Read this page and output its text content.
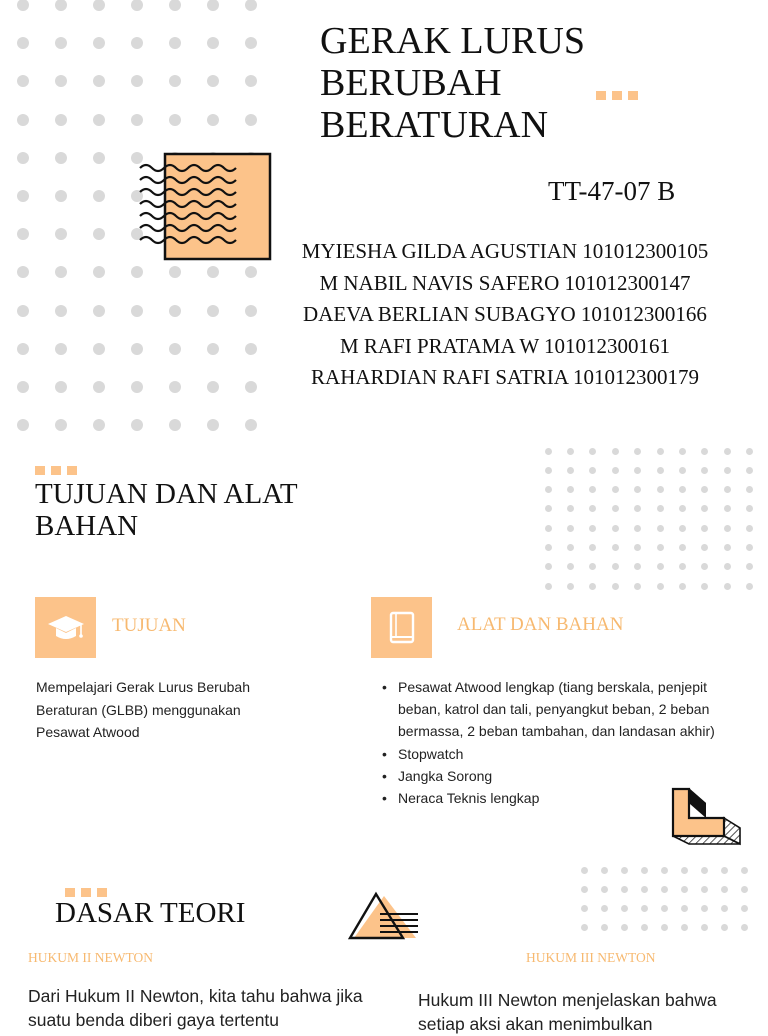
GERAK LURUS
BERUBAH
BERATURAN
TT-47-07 B
MYIESHA GILDA AGUSTIAN 101012300105
M NABIL NAVIS SAFERO 101012300147
DAEVA BERLIAN SUBAGYO 101012300166
M RAFI PRATAMA W 101012300161
RAHARDIAN RAFI SATRIA 101012300179
TUJUAN DAN ALAT
BAHAN
TUJUAN	ALAT DAN BAHAN
Mempelajari Gerak Lurus Berubah Beraturan (GLBB) menggunakan Pesawat Atwood
• Pesawat Atwood lengkap (tiang berskala, penjepit beban, katrol dan tali, penyangkut beban, 2 beban bermassa, 2 beban tambahan, dan landasan akhir)
• Stopwatch
• Jangka Sorong
• Neraca Teknis lengkap
DASAR TEORI
HUKUM II NEWTON	HUKUM III NEWTON
Dari Hukum II Newton, kita tahu bahwa jika suatu benda diberi gaya tertentu
Hukum III Newton menjelaskan bahwa setiap aksi akan menimbulkan
